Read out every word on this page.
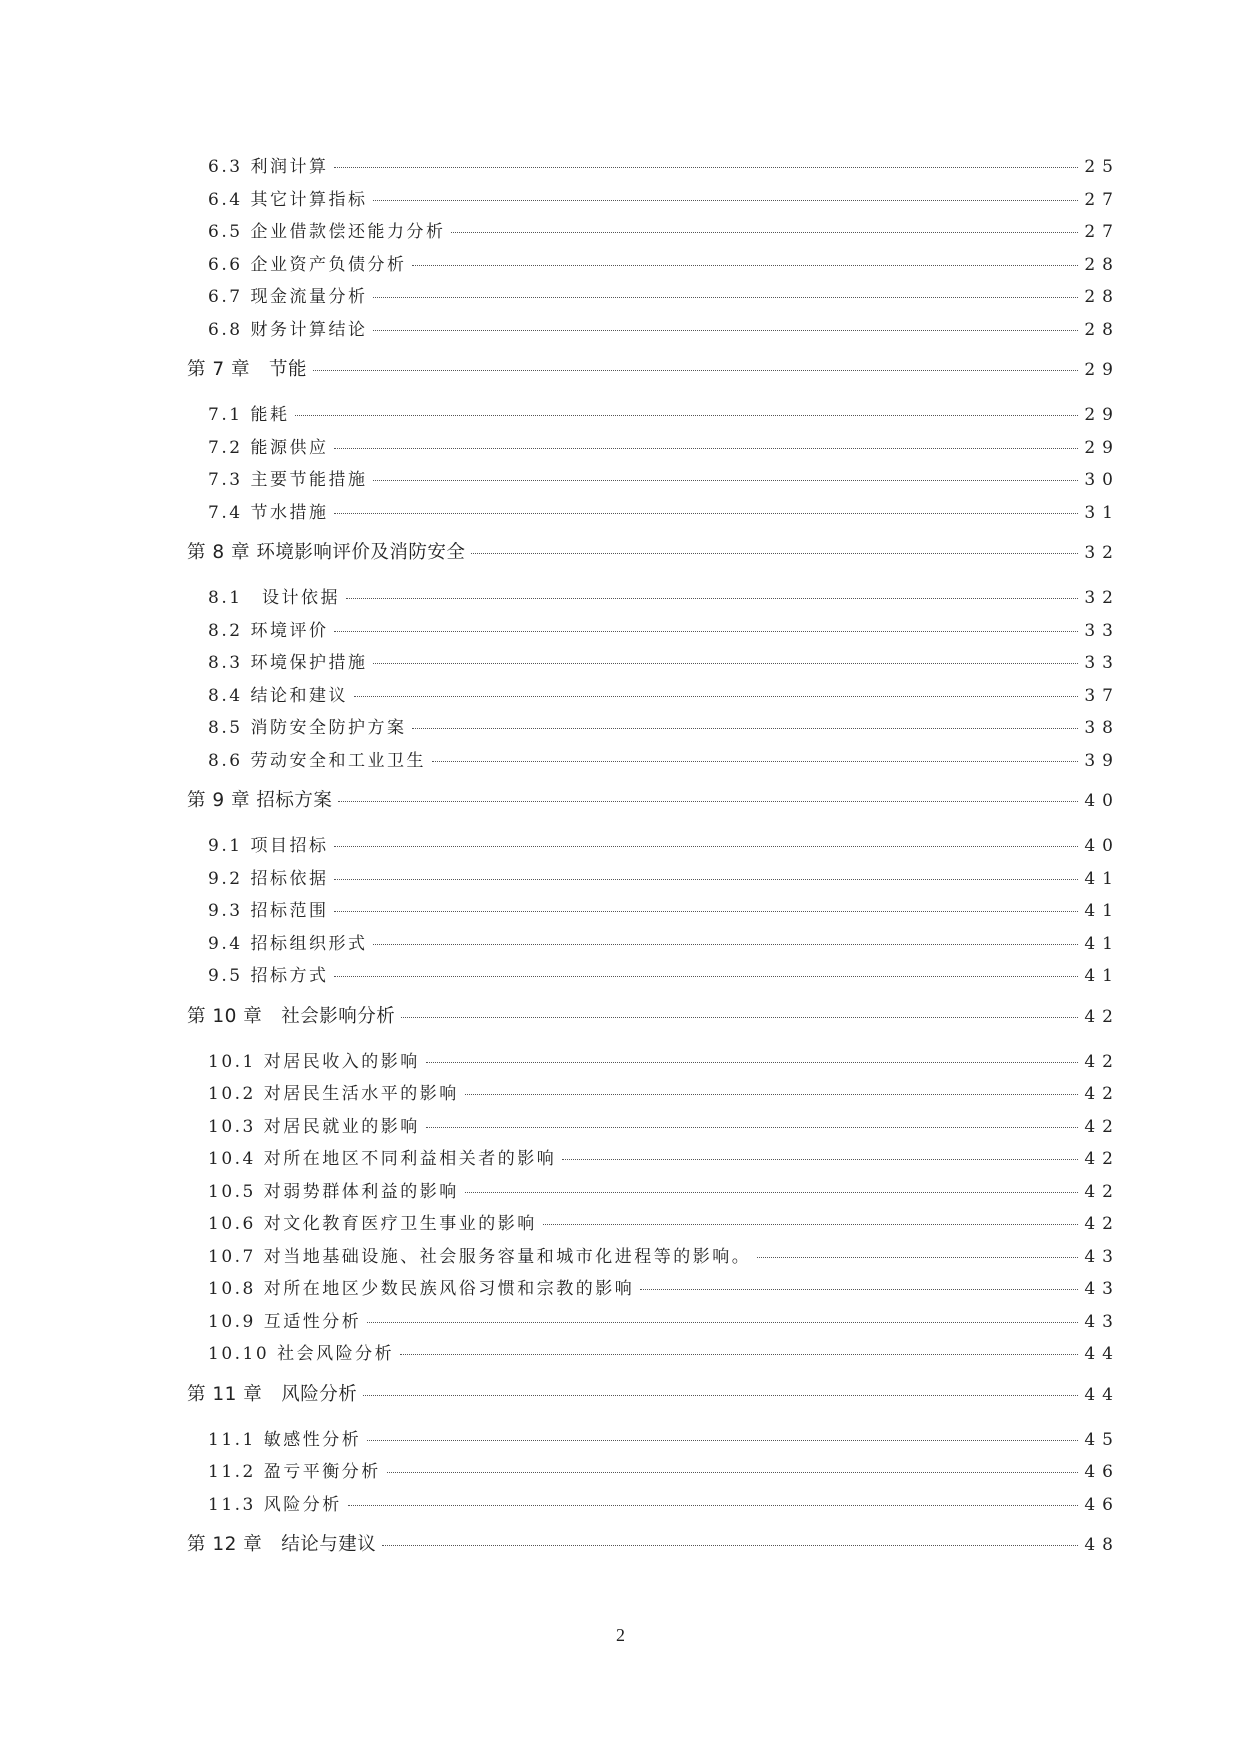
6.3 利润计算	25
6.4 其它计算指标	27
6.5 企业借款偿还能力分析	27
6.6 企业资产负债分析	28
6.7 现金流量分析	28
6.8 财务计算结论	28
第 7 章　节能	29
7.1 能耗	29
7.2 能源供应	29
7.3 主要节能措施	30
7.4 节水措施	31
第 8 章 环境影响评价及消防安全	32
8.1　设计依据	32
8.2 环境评价	33
8.3 环境保护措施	33
8.4 结论和建议	37
8.5 消防安全防护方案	38
8.6 劳动安全和工业卫生	39
第 9 章 招标方案	40
9.1 项目招标	40
9.2 招标依据	41
9.3 招标范围	41
9.4 招标组织形式	41
9.5 招标方式	41
第 10 章　社会影响分析	42
10.1 对居民收入的影响	42
10.2 对居民生活水平的影响	42
10.3 对居民就业的影响	42
10.4 对所在地区不同利益相关者的影响	42
10.5 对弱势群体利益的影响	42
10.6 对文化教育医疗卫生事业的影响	42
10.7 对当地基础设施、社会服务容量和城市化进程等的影响。	43
10.8 对所在地区少数民族风俗习惯和宗教的影响	43
10.9 互适性分析	43
10.10 社会风险分析	44
第 11 章　风险分析	44
11.1 敏感性分析	45
11.2 盈亏平衡分析	46
11.3 风险分析	46
第 12 章　结论与建议	48
2
